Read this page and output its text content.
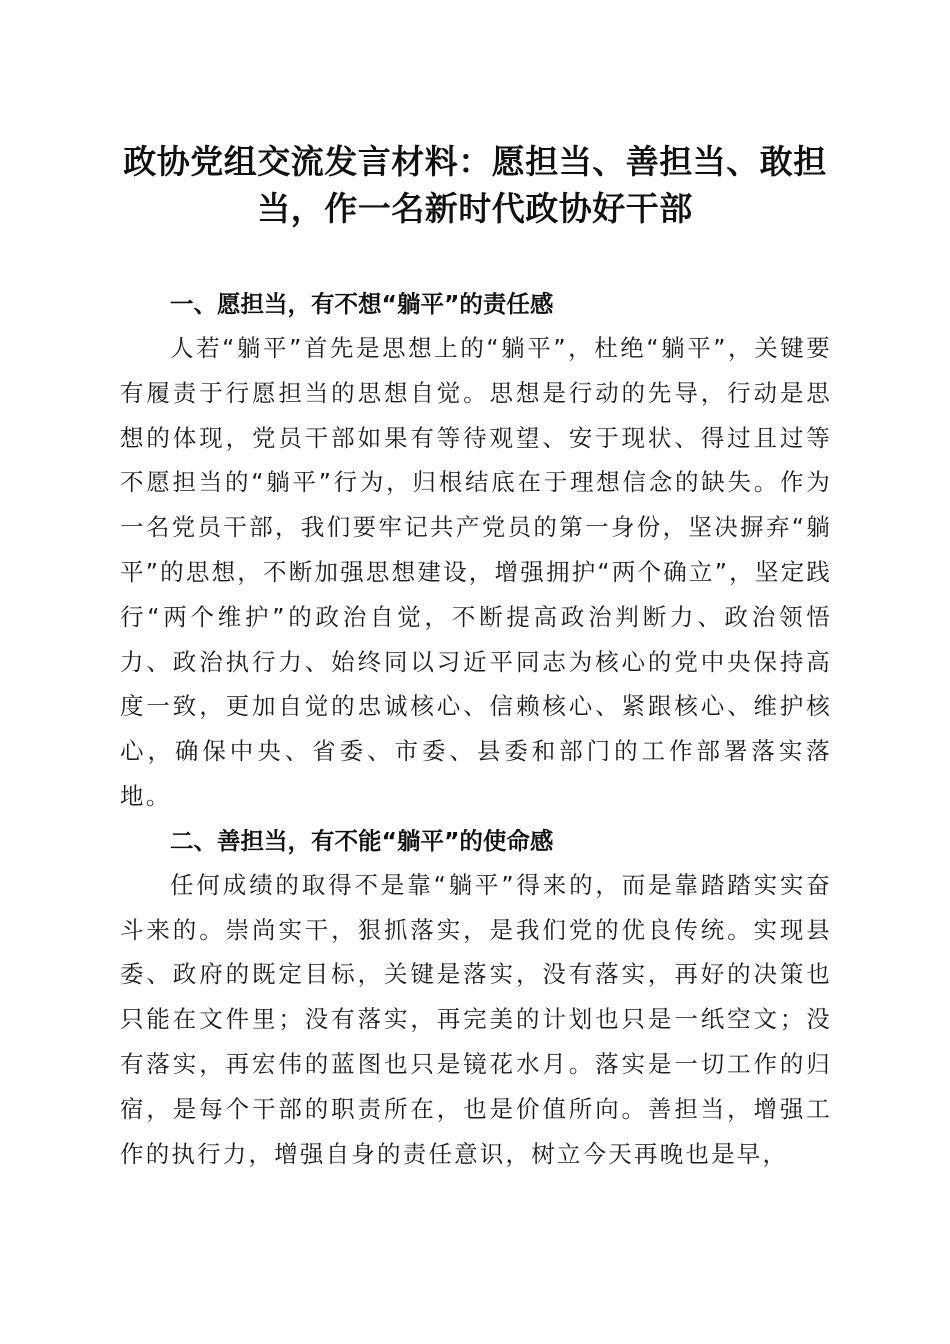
政协党组交流发言材料：愿担当、善担当、敢担当，作一名新时代政协好干部
一、愿担当，有不想“躺平”的责任感

人若“躺平”首先是思想上的“躺平”，杜绝“躺平”，关键要有履责于行愿担当的思想自觉。思想是行动的先导，行动是思想的体现，党员干部如果有等待观望、安于现状、得过且过等不愿担当的“躺平”行为，归根结底在于理想信念的缺失。作为一名党员干部，我们要牢记共产党员的第一身份，坚决摒弃“躺平”的思想，不断加强思想建设，增强拥护“两个确立”，坚定践行“两个维护”的政治自觉，不断提高政治判断力、政治领悟力、政治执行力、始终同以习近平同志为核心的党中央保持高度一致，更加自觉的忠诚核心、信赖核心、紧跟核心、维护核心，确保中央、省委、市委、县委和部门的工作部署落实落地。

二、善担当，有不能“躺平”的使命感

任何成绩的取得不是靠“躺平”得来的，而是靠踏踏实实奋斗来的。崇尚实干，狠抓落实，是我们党的优良传统。实现县委、政府的既定目标，关键是落实，没有落实，再好的决策也只能在文件里；没有落实，再完美的计划也只是一纸空文；没有落实，再宏伟的蓝图也只是镜花水月。落实是一切工作的归宿，是每个干部的职责所在，也是价值所向。善担当，增强工作的执行力，增强自身的责任意识，树立今天再晚也是早，
